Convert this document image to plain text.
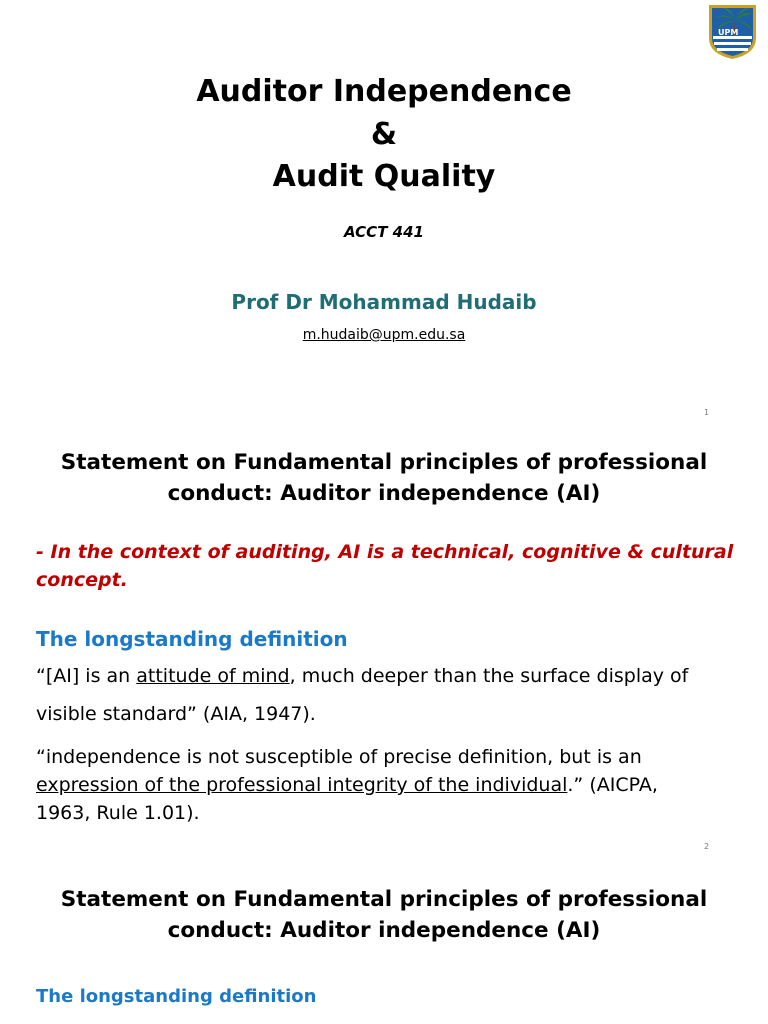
UPM
Auditor Independence
&
Audit Quality
ACCT 441
Prof Dr Mohammad Hudaib
m.hudaib@upm.edu.sa
1
Statement on Fundamental principles of professional
conduct: Auditor independence (AI)
- In the context of auditing, AI is a technical, cognitive & cultural
concept.
The longstanding definition
“[AI] is an attitude of mind, much deeper than the surface display of
visible standard” (AIA, 1947).
“independence is not susceptible of precise definition, but is an
expression of the professional integrity of the individual.” (AICPA,
1963, Rule 1.01).
2
Statement on Fundamental principles of professional
conduct: Auditor independence (AI)
The longstanding definition
